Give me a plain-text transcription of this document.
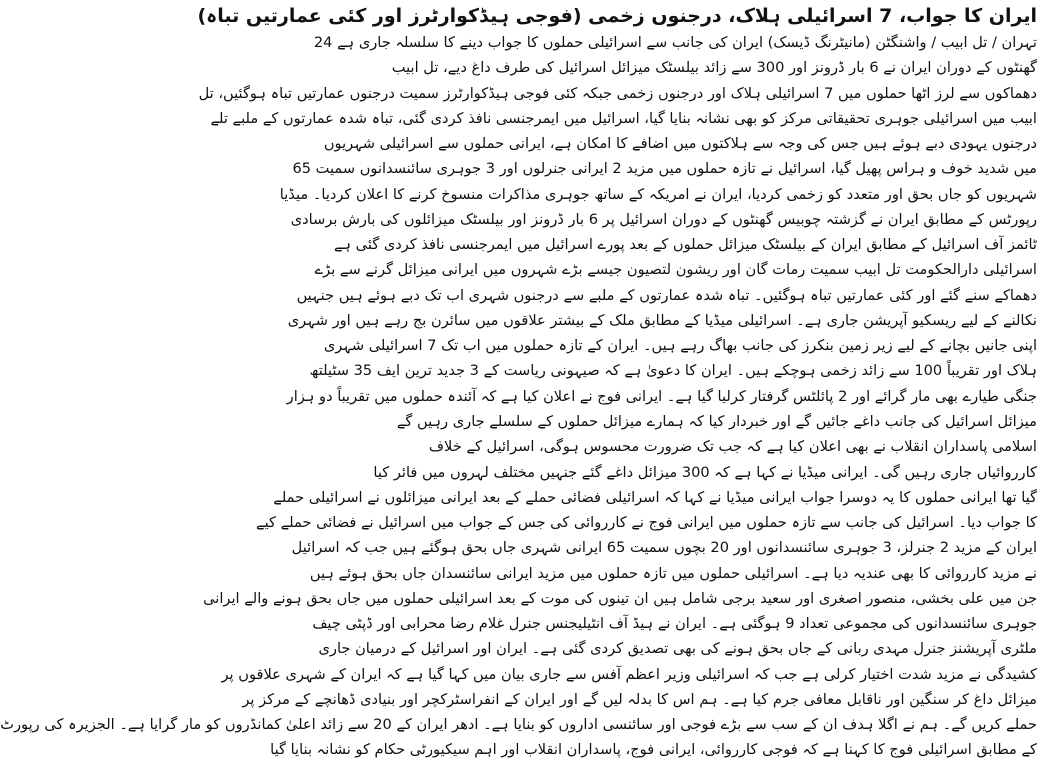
ایران کا جواب، 7 اسرائیلی ہلاک، درجنوں زخمی (فوجی ہیڈکوارٹرز اور کئی عمارتیں تباہ)

تہران / تل ابیب / واشنگٹن (مانیٹرنگ ڈیسک) ایران کی جانب سے اسرائیلی حملوں کا جواب دینے کا سلسلہ جاری ہے 24

گھنٹوں کے دوران ایران نے 6 بار ڈرونز اور 300 سے زائد بیلسٹک میزائل اسرائیل کی طرف داغ دیے، تل ابیب

دھماکوں سے لرز اٹھا حملوں میں 7 اسرائیلی ہلاک اور درجنوں زخمی جبکہ کئی فوجی ہیڈکوارٹرز سمیت درجنوں عمارتیں تباہ ہوگئیں، تل

ابیب میں اسرائیلی جوہری تحقیقاتی مرکز کو بھی نشانہ بنایا گیا، اسرائیل میں ایمرجنسی نافذ کردی گئی، تباہ شدہ عمارتوں کے ملبے تلے

درجنوں یہودی دبے ہوئے ہیں جس کی وجہ سے ہلاکتوں میں اضافے کا امکان ہے، ایرانی حملوں سے اسرائیلی شہریوں

میں شدید خوف و ہراس پھیل گیا، اسرائیل نے تازہ حملوں میں مزید 2 ایرانی جنرلوں اور 3 جوہری سائنسدانوں سمیت 65

شہریوں کو جاں بحق اور متعدد کو زخمی کردیا، ایران نے امریکہ کے ساتھ جوہری مذاکرات منسوخ کرنے کا اعلان کردیا۔ میڈیا

رپورٹس کے مطابق ایران نے گزشتہ چوبیس گھنٹوں کے دوران اسرائیل پر 6 بار ڈرونز اور بیلسٹک میزائلوں کی بارش برسادی

ٹائمز آف اسرائیل کے مطابق ایران کے بیلسٹک میزائل حملوں کے بعد پورے اسرائیل میں ایمرجنسی نافذ کردی گئی ہے

اسرائیلی دارالحکومت تل ابیب سمیت رمات گان اور ریشون لتصیون جیسے بڑے شہروں میں ایرانی میزائل گرنے سے بڑے

دھماکے سنے گئے اور کئی عمارتیں تباہ ہوگئیں۔ تباہ شدہ عمارتوں کے ملبے سے درجنوں شہری اب تک دبے ہوئے ہیں جنہیں

نکالنے کے لیے ریسکیو آپریشن جاری ہے۔ اسرائیلی میڈیا کے مطابق ملک کے بیشتر علاقوں میں سائرن بج رہے ہیں اور شہری

اپنی جانیں بچانے کے لیے زیر زمین بنکرز کی جانب بھاگ رہے ہیں۔ ایران کے تازہ حملوں میں اب تک 7 اسرائیلی شہری

ہلاک اور تقریباً 100 سے زائد زخمی ہوچکے ہیں۔ ایران کا دعویٰ ہے کہ صیہونی ریاست کے 3 جدید ترین ایف 35 سٹیلتھ

جنگی طیارے بھی مار گرائے اور 2 پائلٹس گرفتار کرلیا گیا ہے۔ ایرانی فوج نے اعلان کیا ہے کہ آئندہ حملوں میں تقریباً دو ہزار

میزائل اسرائیل کی جانب داغے جائیں گے اور خبردار کیا کہ ہمارے میزائل حملوں کے سلسلے جاری رہیں گے

اسلامی پاسداران انقلاب نے بھی اعلان کیا ہے کہ جب تک ضرورت محسوس ہوگی، اسرائیل کے خلاف

کارروائیاں جاری رہیں گی۔ ایرانی میڈیا نے کہا ہے کہ 300 میزائل داغے گئے جنہیں مختلف لہروں میں فائر کیا

گیا تھا ایرانی حملوں کا یہ دوسرا جواب ایرانی میڈیا نے کہا کہ اسرائیلی فضائی حملے کے بعد ایرانی میزائلوں نے اسرائیلی حملے

کا جواب دیا۔ اسرائیل کی جانب سے تازہ حملوں میں ایرانی فوج نے کارروائی کی جس کے جواب میں اسرائیل نے فضائی حملے کیے

ایران کے مزید 2 جنرلز، 3 جوہری سائنسدانوں اور 20 بچوں سمیت 65 ایرانی شہری جاں بحق ہوگئے ہیں جب کہ اسرائیل

نے مزید کارروائی کا بھی عندیہ دیا ہے۔ اسرائیلی حملوں میں تازہ حملوں میں مزید ایرانی سائنسدان جاں بحق ہوئے ہیں

جن میں علی بخشی، منصور اصغری اور سعید برجی شامل ہیں ان تینوں کی موت کے بعد اسرائیلی حملوں میں جاں بحق ہونے والے ایرانی

جوہری سائنسدانوں کی مجموعی تعداد 9 ہوگئی ہے۔ ایران نے ہیڈ آف انٹیلیجنس جنرل غلام رضا محرابی اور ڈپٹی چیف

ملٹری آپریشنز جنرل مہدی ربانی کے جاں بحق ہونے کی بھی تصدیق کردی گئی ہے۔ ایران اور اسرائیل کے درمیان جاری

کشیدگی نے مزید شدت اختیار کرلی ہے جب کہ اسرائیلی وزیر اعظم آفس سے جاری بیان میں کہا گیا ہے کہ ایران کے شہری علاقوں پر

میزائل داغ کر سنگین اور ناقابل معافی جرم کیا ہے۔ ہم اس کا بدلہ لیں گے اور ایران کے انفراسٹرکچر اور بنیادی ڈھانچے کے مرکز پر

حملے کریں گے۔ ہم نے اگلا ہدف ان کے سب سے بڑے فوجی اور سائنسی اداروں کو بنایا ہے۔ ادھر ایران کے 20 سے زائد اعلیٰ کمانڈروں کو مار گرایا ہے۔ الجزیرہ کی رپورٹ

کے مطابق اسرائیلی فوج کا کہنا ہے کہ فوجی کارروائی، ایرانی فوج، پاسداران انقلاب اور اہم سیکیورٹی حکام کو نشانہ بنایا گیا
